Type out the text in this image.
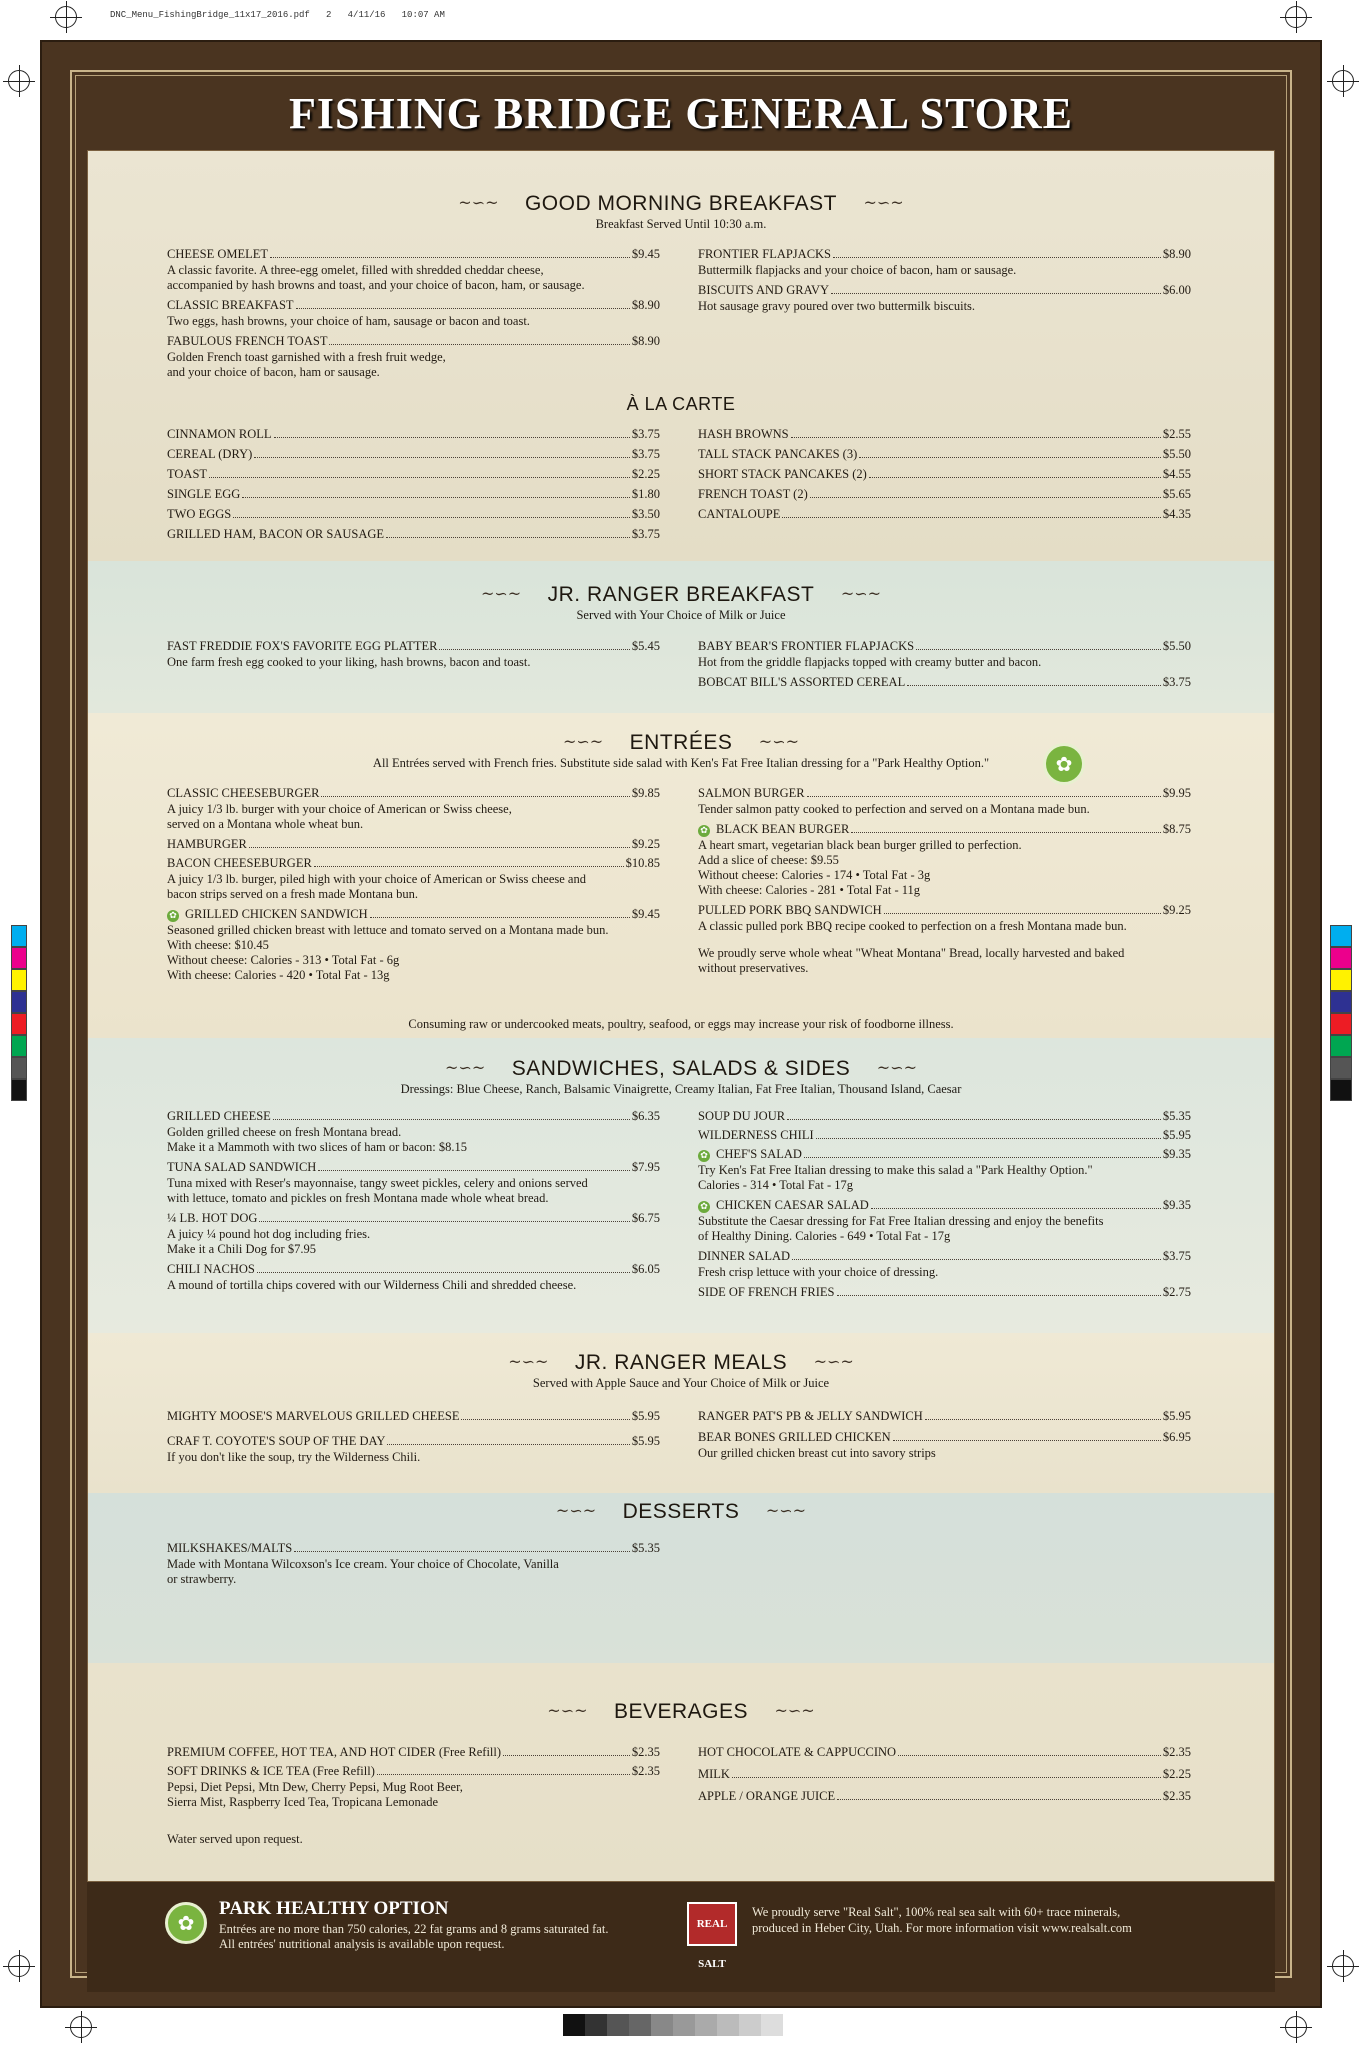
DNC_Menu_FishingBridge_11x17_2016.pdf   2   4/11/16   10:07 AM
FISHING BRIDGE GENERAL STORE
~∽~ GOOD MORNING BREAKFAST ~∽~
Breakfast Served Until 10:30 a.m.
CHEESE OMELET	$9.45

A classic favorite. A three-egg omelet, filled with shredded cheddar cheese,

accompanied by hash browns and toast, and your choice of bacon, ham, or sausage.

CLASSIC BREAKFAST	$8.90

Two eggs, hash browns, your choice of ham, sausage or bacon and toast.

FABULOUS FRENCH TOAST	$8.90

Golden French toast garnished with a fresh fruit wedge,

and your choice of bacon, ham or sausage.

FRONTIER FLAPJACKS	$8.90

Buttermilk flapjacks and your choice of bacon, ham or sausage.

BISCUITS AND GRAVY	$6.00

Hot sausage gravy poured over two buttermilk biscuits.

À LA CARTE
CINNAMON ROLL	$3.75
CEREAL (DRY)	$3.75
TOAST	$2.25
SINGLE EGG	$1.80
TWO EGGS	$3.50
GRILLED HAM, BACON OR SAUSAGE	$3.75
HASH BROWNS	$2.55
TALL STACK PANCAKES (3)	$5.50
SHORT STACK PANCAKES (2)	$4.55
FRENCH TOAST (2)	$5.65
CANTALOUPE	$4.35
~∽~ JR. RANGER BREAKFAST ~∽~
Served with Your Choice of Milk or Juice
FAST FREDDIE FOX'S FAVORITE EGG PLATTER	$5.45

One farm fresh egg cooked to your liking, hash browns, bacon and toast.

BABY BEAR'S FRONTIER FLAPJACKS	$5.50

Hot from the griddle flapjacks topped with creamy butter and bacon.

BOBCAT BILL'S ASSORTED CEREAL	$3.75
~∽~ ENTRÉES ~∽~
All Entrées served with French fries. Substitute side salad with Ken's Fat Free Italian dressing for a "Park Healthy Option."	✿
CLASSIC CHEESEBURGER	$9.85

A juicy 1/3 lb. burger with your choice of American or Swiss cheese,

served on a Montana whole wheat bun.

HAMBURGER	$9.25
BACON CHEESEBURGER	$10.85

A juicy 1/3 lb. burger, piled high with your choice of American or Swiss cheese and

bacon strips served on a fresh made Montana bun.

✿ GRILLED CHICKEN SANDWICH	$9.45

Seasoned grilled chicken breast with lettuce and tomato served on a Montana made bun.

With cheese: $10.45

Without cheese: Calories - 313 • Total Fat - 6g

With cheese: Calories - 420 • Total Fat - 13g

SALMON BURGER	$9.95

Tender salmon patty cooked to perfection and served on a Montana made bun.

✿ BLACK BEAN BURGER	$8.75

A heart smart, vegetarian black bean burger grilled to perfection.

Add a slice of cheese: $9.55

Without cheese: Calories - 174 • Total Fat - 3g

With cheese: Calories - 281 • Total Fat - 11g

PULLED PORK BBQ SANDWICH	$9.25

A classic pulled pork BBQ recipe cooked to perfection on a fresh Montana made bun.

We proudly serve whole wheat "Wheat Montana" Bread, locally harvested and baked

without preservatives.

Consuming raw or undercooked meats, poultry, seafood, or eggs may increase your risk of foodborne illness.
~∽~ SANDWICHES, SALADS & SIDES ~∽~
Dressings: Blue Cheese, Ranch, Balsamic Vinaigrette, Creamy Italian, Fat Free Italian, Thousand Island, Caesar
GRILLED CHEESE	$6.35

Golden grilled cheese on fresh Montana bread.

Make it a Mammoth with two slices of ham or bacon: $8.15

TUNA SALAD SANDWICH	$7.95

Tuna mixed with Reser's mayonnaise, tangy sweet pickles, celery and onions served

with lettuce, tomato and pickles on fresh Montana made whole wheat bread.

¼ LB. HOT DOG	$6.75

A juicy ¼ pound hot dog including fries.

Make it a Chili Dog for $7.95

CHILI NACHOS	$6.05

A mound of tortilla chips covered with our Wilderness Chili and shredded cheese.

SOUP DU JOUR	$5.35
WILDERNESS CHILI	$5.95
✿ CHEF'S SALAD	$9.35

Try Ken's Fat Free Italian dressing to make this salad a "Park Healthy Option."

Calories - 314 • Total Fat - 17g

✿ CHICKEN CAESAR SALAD	$9.35

Substitute the Caesar dressing for Fat Free Italian dressing and enjoy the benefits

of Healthy Dining. Calories - 649 • Total Fat - 17g

DINNER SALAD	$3.75

Fresh crisp lettuce with your choice of dressing.

SIDE OF FRENCH FRIES	$2.75
~∽~ JR. RANGER MEALS ~∽~
Served with Apple Sauce and Your Choice of Milk or Juice
MIGHTY MOOSE'S MARVELOUS GRILLED CHEESE	$5.95
CRAF T. COYOTE'S SOUP OF THE DAY	$5.95

If you don't like the soup, try the Wilderness Chili.

RANGER PAT'S PB & JELLY SANDWICH	$5.95
BEAR BONES GRILLED CHICKEN	$6.95

Our grilled chicken breast cut into savory strips

~∽~ DESSERTS ~∽~
MILKSHAKES/MALTS	$5.35

Made with Montana Wilcoxson's Ice cream. Your choice of Chocolate, Vanilla

or strawberry.

~∽~ BEVERAGES ~∽~
PREMIUM COFFEE, HOT TEA, AND HOT CIDER (Free Refill)	$2.35
SOFT DRINKS & ICE TEA (Free Refill)	$2.35

Pepsi, Diet Pepsi, Mtn Dew, Cherry Pepsi, Mug Root Beer,

Sierra Mist, Raspberry Iced Tea, Tropicana Lemonade

Water served upon request.
HOT CHOCOLATE & CAPPUCCINO	$2.35
MILK	$2.25
APPLE / ORANGE JUICE	$2.35
✿
PARK HEALTHY OPTION

Entrées are no more than 750 calories, 22 fat grams and 8 grams saturated fat.

All entrées' nutritional analysis is available upon request.

REAL SALT

We proudly serve "Real Salt", 100% real sea salt with 60+ trace minerals,

produced in Heber City, Utah. For more information visit www.realsalt.com
